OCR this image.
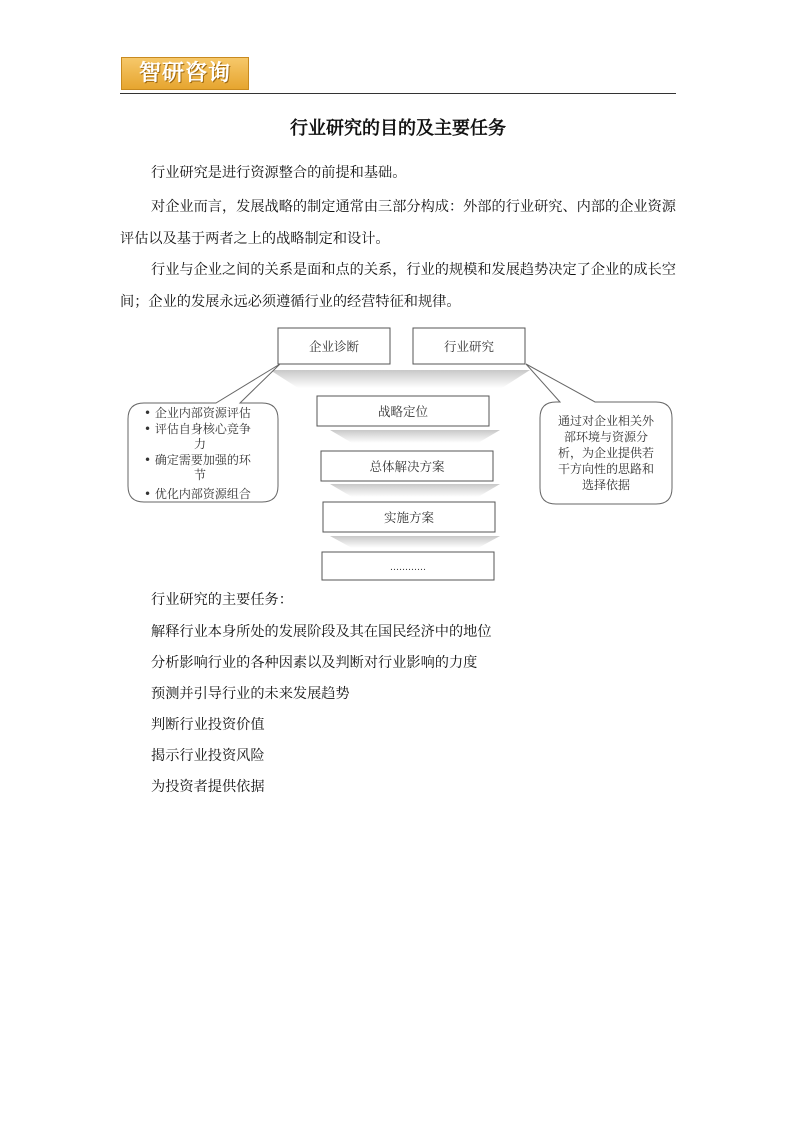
智研咨询
行业研究的目的及主要任务

行业研究是进行资源整合的前提和基础。

对企业而言，发展战略的制定通常由三部分构成：外部的行业研究、内部的企业资源评估以及基于两者之上的战略制定和设计。

行业与企业之间的关系是面和点的关系，行业的规模和发展趋势决定了企业的成长空间；企业的发展永远必须遵循行业的经营特征和规律。

企业诊断	行业研究
• 企业内部资源评估
• 评估自身核心竞争
力
• 确定需要加强的环
节
• 优化内部资源组合
通过对企业相关外
部环境与资源分
析，为企业提供若
干方向性的思路和
选择依据
战略定位
总体解决方案
实施方案
…………
行业研究的主要任务：
解释行业本身所处的发展阶段及其在国民经济中的地位
分析影响行业的各种因素以及判断对行业影响的力度
预测并引导行业的未来发展趋势
判断行业投资价值
揭示行业投资风险
为投资者提供依据
